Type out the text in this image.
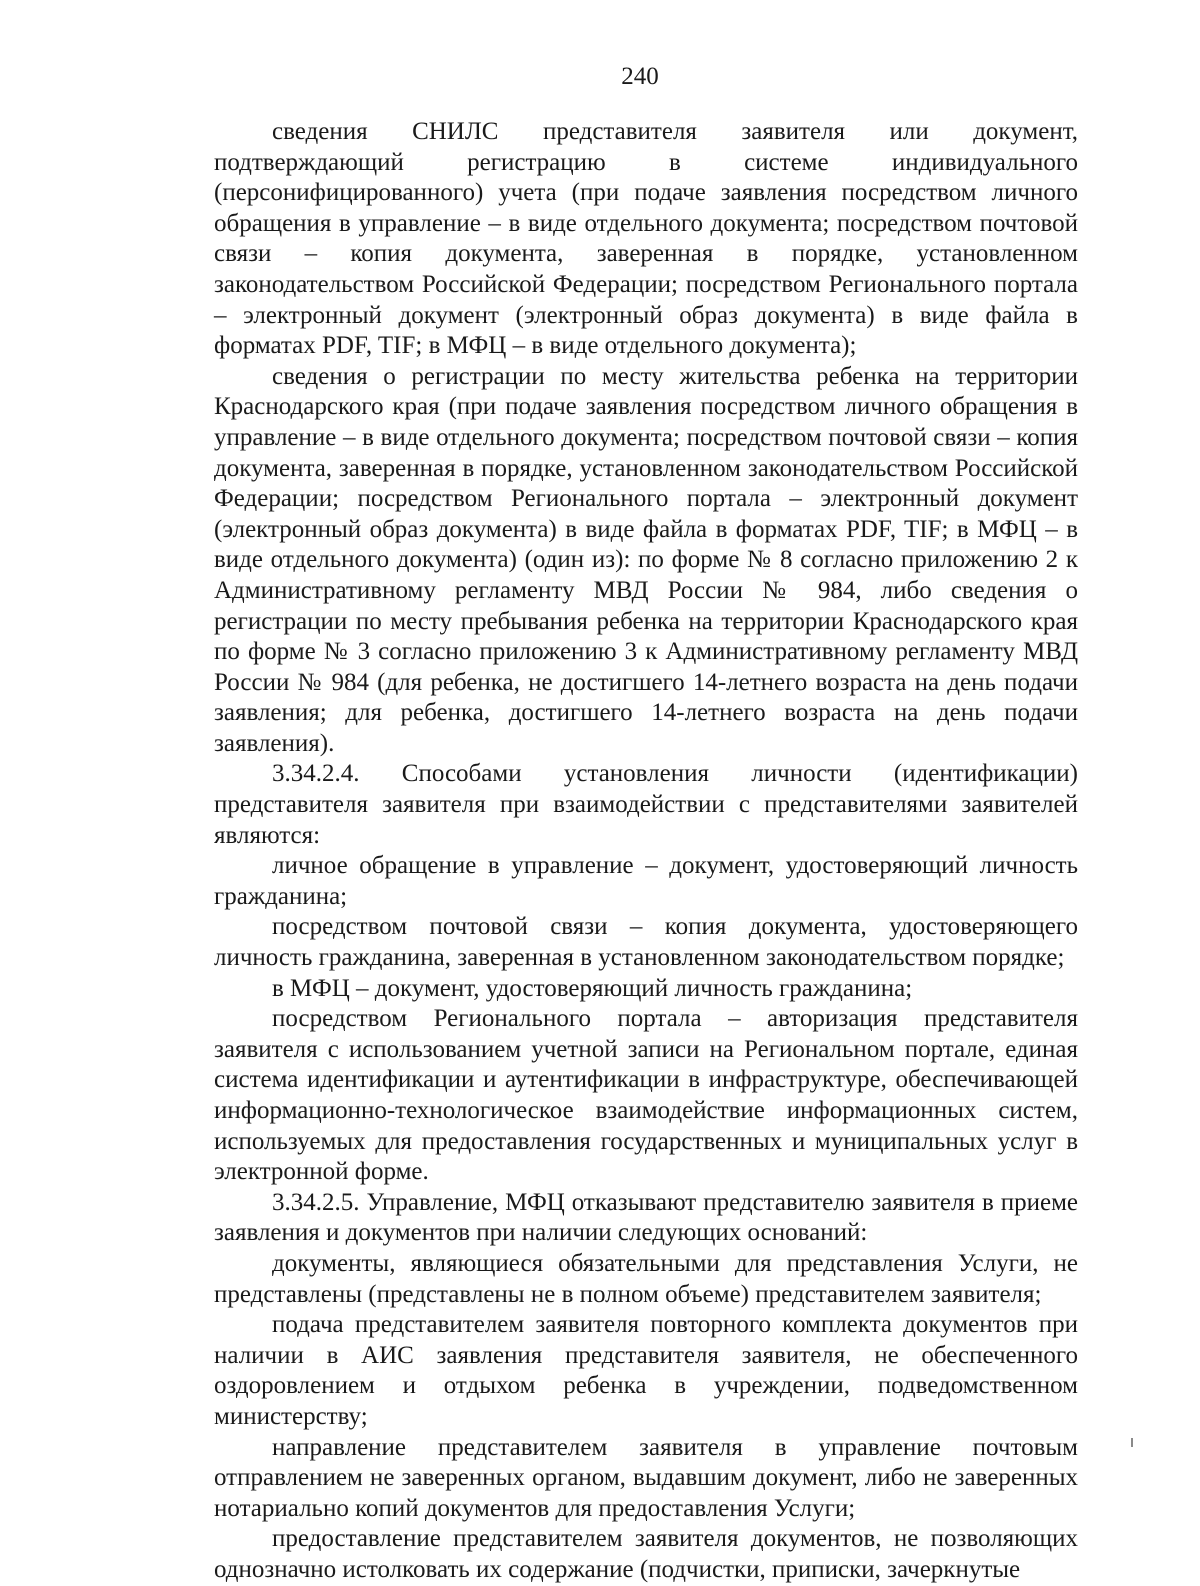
240

сведения СНИЛС представителя заявителя или документ, подтверждающий регистрацию в системе индивидуального (персонифицированного) учета (при подаче заявления посредством личного обращения в управление – в виде отдельного документа; посредством почтовой связи – копия документа, заверенная в порядке, установленном законодательством Российской Федерации; посредством Регионального портала – электронный документ (электронный образ документа) в виде файла в форматах PDF, TIF; в МФЦ – в виде отдельного документа);

сведения о регистрации по месту жительства ребенка на территории Краснодарского края (при подаче заявления посредством личного обращения в управление – в виде отдельного документа; посредством почтовой связи – копия документа, заверенная в порядке, установленном законодательством Российской Федерации; посредством Регионального портала – электронный документ (электронный образ документа) в виде файла в форматах PDF, TIF; в МФЦ – в виде отдельного документа) (один из): по форме № 8 согласно приложению 2 к Административному регламенту МВД России № 984, либо сведения о регистрации по месту пребывания ребенка на территории Краснодарского края по форме № 3 согласно приложению 3 к Административному регламенту МВД России № 984 (для ребенка, не достигшего 14-летнего возраста на день подачи заявления; для ребенка, достигшего 14-летнего возраста на день подачи заявления).

3.34.2.4. Способами установления личности (идентификации) представителя заявителя при взаимодействии с представителями заявителей являются:

личное обращение в управление – документ, удостоверяющий личность гражданина;

посредством почтовой связи – копия документа, удостоверяющего личность гражданина, заверенная в установленном законодательством порядке;

в МФЦ – документ, удостоверяющий личность гражданина;

посредством Регионального портала – авторизация представителя заявителя с использованием учетной записи на Региональном портале, единая система идентификации и аутентификации в инфраструктуре, обеспечивающей информационно-технологическое взаимодействие информационных систем, используемых для предоставления государственных и муниципальных услуг в электронной форме.

3.34.2.5. Управление, МФЦ отказывают представителю заявителя в приеме заявления и документов при наличии следующих оснований:

документы, являющиеся обязательными для представления Услуги, не представлены (представлены не в полном объеме) представителем заявителя;

подача представителем заявителя повторного комплекта документов при наличии в АИС заявления представителя заявителя, не обеспеченного оздоровлением и отдыхом ребенка в учреждении, подведомственном министерству;

направление представителем заявителя в управление почтовым отправлением не заверенных органом, выдавшим документ, либо не заверенных нотариально копий документов для предоставления Услуги;

предоставление представителем заявителя документов, не позволяющих однозначно истолковать их содержание (подчистки, приписки, зачеркнутые
